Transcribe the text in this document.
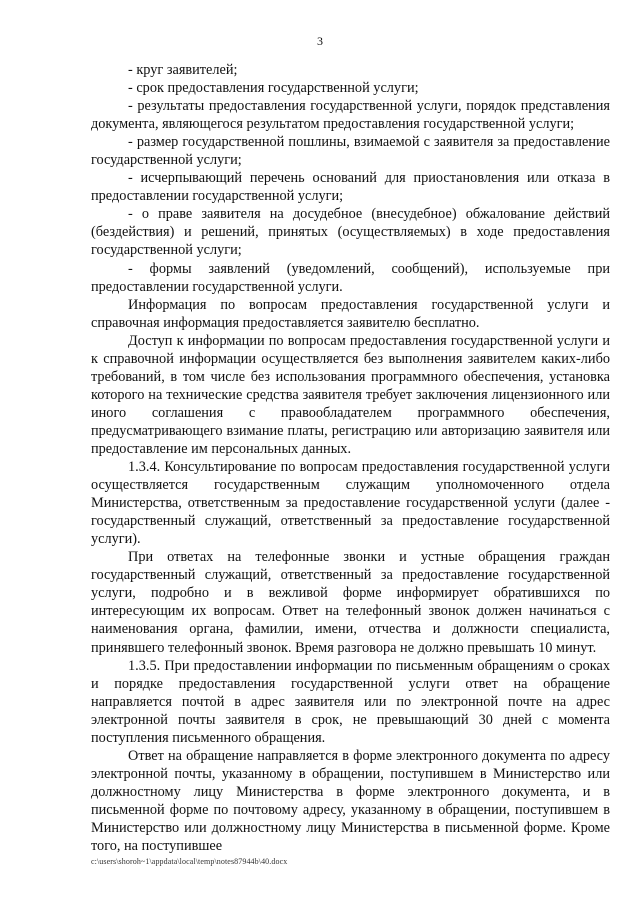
3

- круг заявителей;

- срок предоставления государственной услуги;

- результаты предоставления государственной услуги, порядок представления документа, являющегося результатом предоставления государственной услуги;

- размер государственной пошлины, взимаемой с заявителя за предоставление государственной услуги;

- исчерпывающий перечень оснований для приостановления или отказа в предоставлении государственной услуги;

- о праве заявителя на досудебное (внесудебное) обжалование действий (бездействия) и решений, принятых (осуществляемых) в ходе предоставления государственной услуги;

- формы заявлений (уведомлений, сообщений), используемые при предоставлении государственной услуги.

Информация по вопросам предоставления государственной услуги и справочная информация предоставляется заявителю бесплатно.

Доступ к информации по вопросам предоставления государственной услуги и к справочной информации осуществляется без выполнения заявителем каких-либо требований, в том числе без использования программного обеспечения, установка которого на технические средства заявителя требует заключения лицензионного или иного соглашения с правообладателем программного обеспечения, предусматривающего взимание платы, регистрацию или авторизацию заявителя или предоставление им персональных данных.

1.3.4. Консультирование по вопросам предоставления государственной услуги осуществляется государственным служащим уполномоченного отдела Министерства, ответственным за предоставление государственной услуги (далее - государственный служащий, ответственный за предоставление государственной услуги).

При ответах на телефонные звонки и устные обращения граждан государственный служащий, ответственный за предоставление государственной услуги, подробно и в вежливой форме информирует обратившихся по интересующим их вопросам. Ответ на телефонный звонок должен начинаться с наименования органа, фамилии, имени, отчества и должности специалиста, принявшего телефонный звонок. Время разговора не должно превышать 10 минут.

1.3.5. При предоставлении информации по письменным обращениям о сроках и порядке предоставления государственной услуги ответ на обращение направляется почтой в адрес заявителя или по электронной почте на адрес электронной почты заявителя в срок, не превышающий 30 дней с момента поступления письменного обращения.

Ответ на обращение направляется в форме электронного документа по адресу электронной почты, указанному в обращении, поступившем в Министерство или должностному лицу Министерства в форме электронного документа, и в письменной форме по почтовому адресу, указанному в обращении, поступившем в Министерство или должностному лицу Министерства в письменной форме. Кроме того, на поступившее

c:\users\shoroh~1\appdata\local\temp\notes87944b\40.docx
